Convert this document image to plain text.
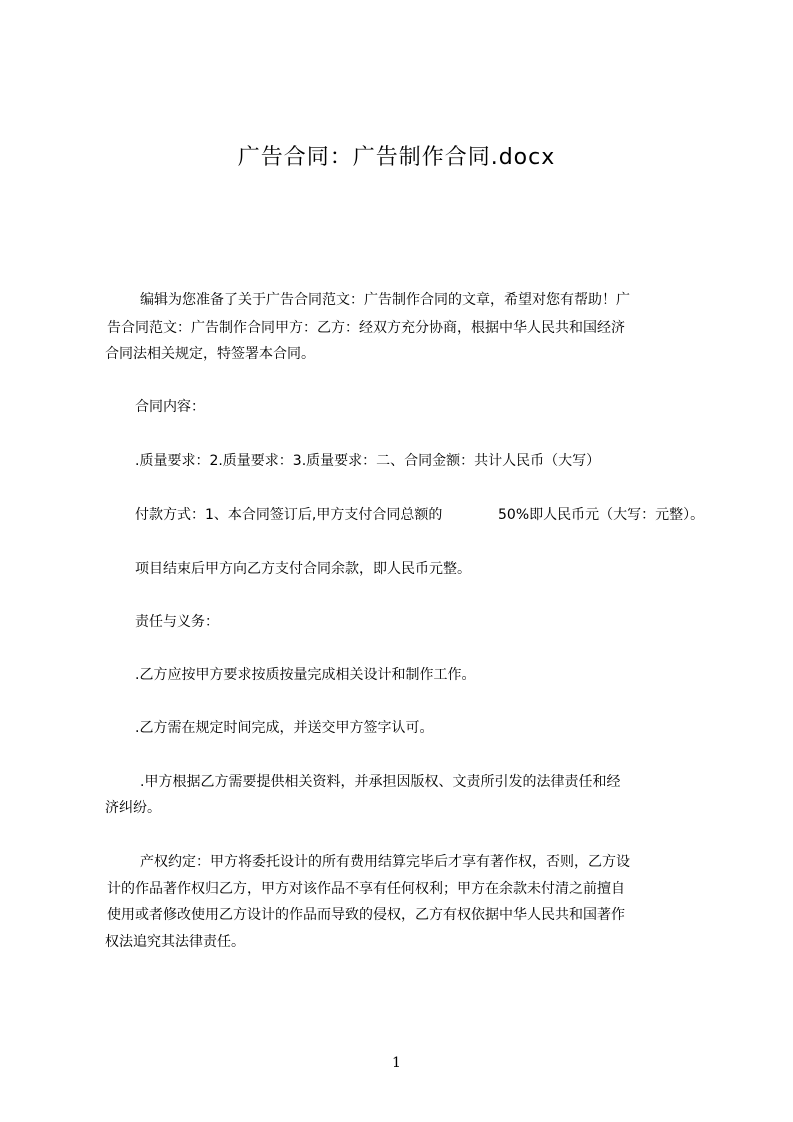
广告合同：广告制作合同.docx
编辑为您准备了关于广告合同范文：广告制作合同的文章，希望对您有帮助！广
告合同范文：广告制作合同甲方：乙方：经双方充分协商，根据中华人民共和国经济
合同法相关规定，特签署本合同。
合同内容：
.质量要求：2.质量要求：3.质量要求：二、合同金额：共计人民币（大写）
付款方式：1、本合同签订后,甲方支付合同总额的	50%即人民币元（大写：元整）。
项目结束后甲方向乙方支付合同余款，即人民币元整。
责任与义务：
.乙方应按甲方要求按质按量完成相关设计和制作工作。
.乙方需在规定时间完成，并送交甲方签字认可。
.甲方根据乙方需要提供相关资料，并承担因版权、文责所引发的法律责任和经
济纠纷。
产权约定：甲方将委托设计的所有费用结算完毕后才享有著作权，否则，乙方设
计的作品著作权归乙方，甲方对该作品不享有任何权利；甲方在余款未付清之前擅自
使用或者修改使用乙方设计的作品而导致的侵权，乙方有权依据中华人民共和国著作
权法追究其法律责任。
1
